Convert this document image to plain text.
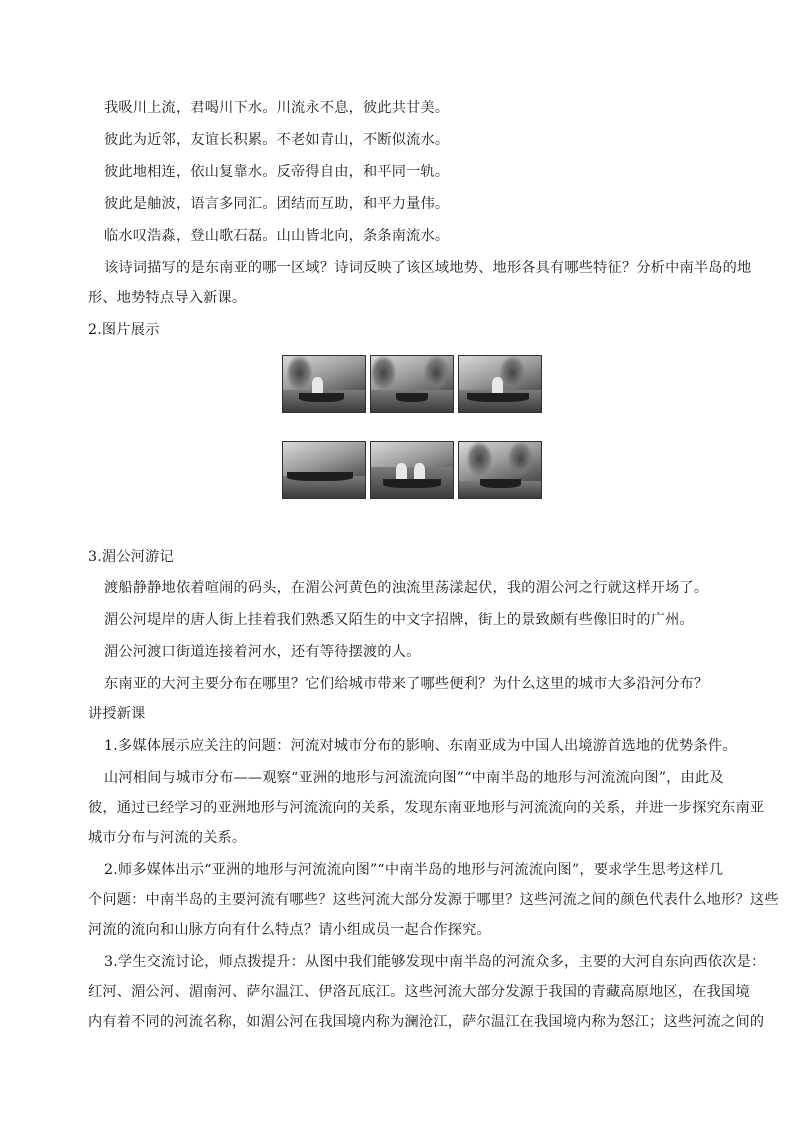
我吸川上流，君喝川下水。川流永不息，彼此共甘美。
彼此为近邻，友谊长积累。不老如青山，不断似流水。
彼此地相连，依山复靠水。反帝得自由，和平同一轨。
彼此是舳波，语言多同汇。团结而互助，和平力量伟。
临水叹浩淼，登山歌石磊。山山皆北向，条条南流水。
该诗词描写的是东南亚的哪一区域？诗词反映了该区域地势、地形各具有哪些特征？分析中南半岛的地
形、地势特点导入新课。
2.图片展示
3.湄公河游记
渡船静静地依着喧闹的码头，在湄公河黄色的浊流里荡漾起伏，我的湄公河之行就这样开场了。
湄公河堤岸的唐人街上挂着我们熟悉又陌生的中文字招牌，街上的景致颇有些像旧时的广州。
湄公河渡口街道连接着河水，还有等待摆渡的人。
东南亚的大河主要分布在哪里？它们给城市带来了哪些便利？为什么这里的城市大多沿河分布？
讲授新课
1.多媒体展示应关注的问题：河流对城市分布的影响、东南亚成为中国人出境游首选地的优势条件。
山河相间与城市分布——观察“亚洲的地形与河流流向图”“中南半岛的地形与河流流向图”，由此及
彼，通过已经学习的亚洲地形与河流流向的关系，发现东南亚地形与河流流向的关系，并进一步探究东南亚
城市分布与河流的关系。
2.师多媒体出示“亚洲的地形与河流流向图”“中南半岛的地形与河流流向图”，要求学生思考这样几
个问题：中南半岛的主要河流有哪些？这些河流大部分发源于哪里？这些河流之间的颜色代表什么地形？这些
河流的流向和山脉方向有什么特点？请小组成员一起合作探究。
3.学生交流讨论，师点拨提升：从图中我们能够发现中南半岛的河流众多，主要的大河自东向西依次是：
红河、湄公河、湄南河、萨尔温江、伊洛瓦底江。这些河流大部分发源于我国的青藏高原地区，在我国境
内有着不同的河流名称，如湄公河在我国境内称为澜沧江，萨尔温江在我国境内称为怒江；这些河流之间的
